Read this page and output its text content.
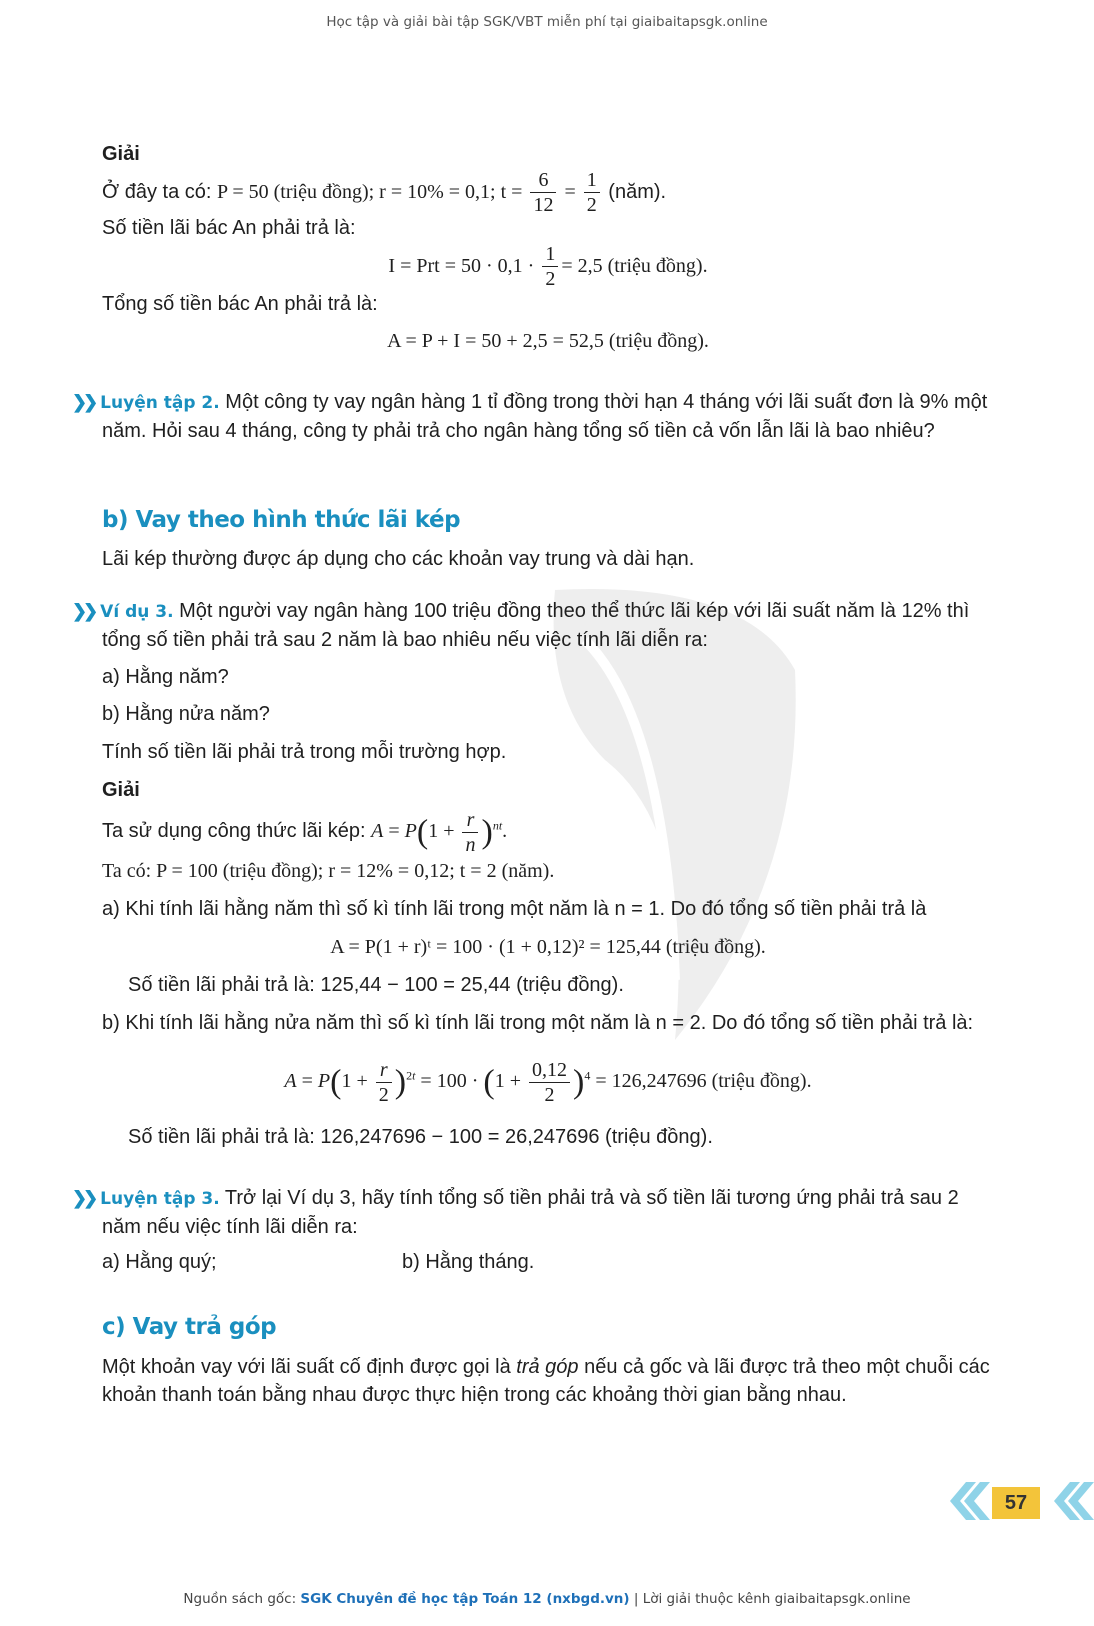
Học tập và giải bài tập SGK/VBT miễn phí tại giaibaitapsgk.online
Giải
Ở đây ta có: P = 50 (triệu đồng); r = 10% = 0,1; $t = \frac{6}{12} = \frac{1}{2}$ (năm).
Số tiền lãi bác An phải trả là:
I = Prt = $50 \cdot 0,1 \cdot \frac{1}{2} = 2,5$ (triệu đồng).
Tổng số tiền bác An phải trả là:
A = P + I = 50 + 2,5 = 52,5 (triệu đồng).

❯❯ Luyện tập 2. Một công ty vay ngân hàng 1 tỉ đồng trong thời hạn 4 tháng với lãi suất đơn là 9% một năm. Hỏi sau 4 tháng, công ty phải trả cho ngân hàng tổng số tiền cả vốn lẫn lãi là bao nhiêu?

b) Vay theo hình thức lãi kép
Lãi kép thường được áp dụng cho các khoản vay trung và dài hạn.

❯❯ Ví dụ 3. Một người vay ngân hàng 100 triệu đồng theo thể thức lãi kép với lãi suất năm là 12% thì tổng số tiền phải trả sau 2 năm là bao nhiêu nếu việc tính lãi diễn ra:

a) Hằng năm?
b) Hằng nửa năm?
Tính số tiền lãi phải trả trong mỗi trường hợp.
Giải
Ta sử dụng công thức lãi kép: $A = P(1 + \frac{r}{n} )^{nt}$.
Ta có: P = 100 (triệu đồng); r = 12% = 0,12; t = 2 (năm).

a) Khi tính lãi hằng năm thì số kì tính lãi trong một năm là n = 1. Do đó tổng số tiền phải trả là

A = P(1 + r)ᵗ = 100 · (1 + 0,12)² = 125,44 (triệu đồng).
Số tiền lãi phải trả là: 125,44 − 100 = 25,44 (triệu đồng).

b) Khi tính lãi hằng nửa năm thì số kì tính lãi trong một năm là n = 2. Do đó tổng số tiền phải trả là:

$A = P(1 + \frac{r}{2} )^{2t} = 100 \cdot (1 + \frac{0,12}{2} )^4 = 126,247696$ (triệu đồng).
Số tiền lãi phải trả là: 126,247696 − 100 = 26,247696 (triệu đồng).

❯❯ Luyện tập 3. Trở lại Ví dụ 3, hãy tính tổng số tiền phải trả và số tiền lãi tương ứng phải trả sau 2 năm nếu việc tính lãi diễn ra:

a) Hằng quý;	b) Hằng tháng.
c) Vay trả góp

Một khoản vay với lãi suất cố định được gọi là trả góp nếu cả gốc và lãi được trả theo một chuỗi các khoản thanh toán bằng nhau được thực hiện trong các khoảng thời gian bằng nhau.

57
Nguồn sách gốc: SGK Chuyên đề học tập Toán 12 (nxbgd.vn) | Lời giải thuộc kênh giaibaitapsgk.online
